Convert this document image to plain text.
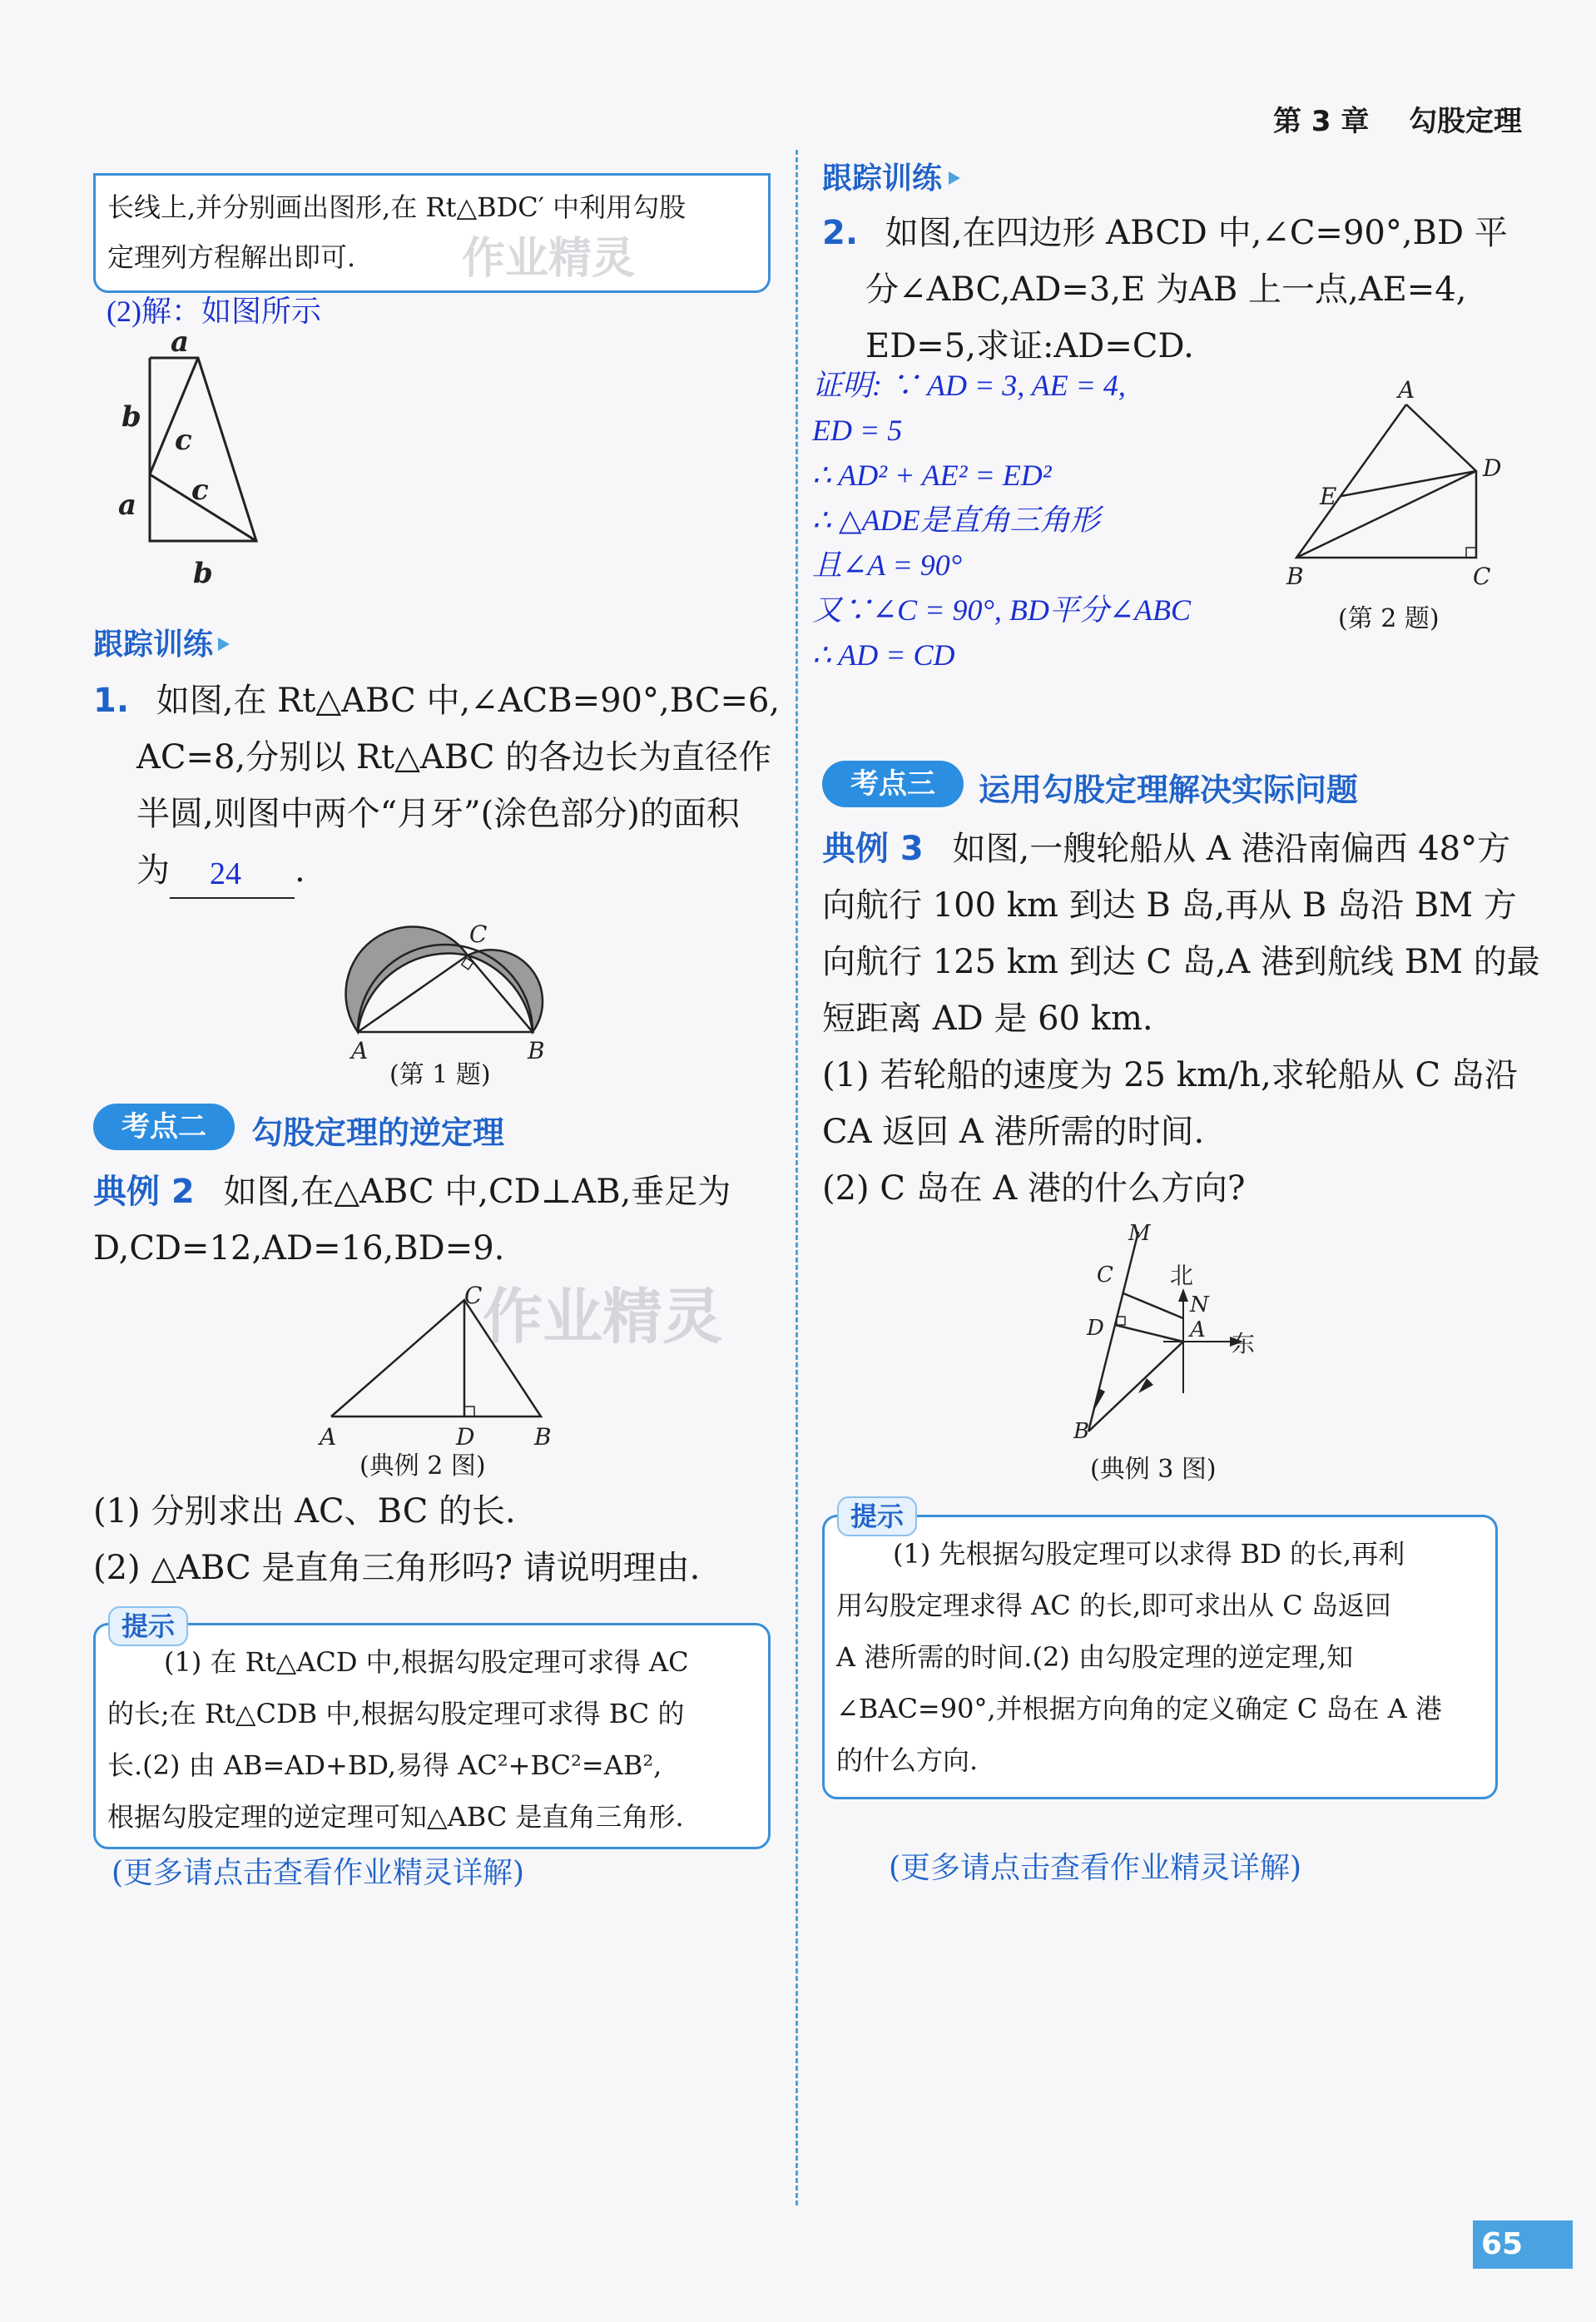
第 3 章 勾股定理
65
长线上,并分别画出图形,在 Rt△BDC′ 中利用勾股
定理列方程解出即可. 作业精灵
(2)解：如图所示
a
b
c
c
a
b
跟踪训练
1. 如图,在 Rt△ABC 中,∠ACB=90°,BC=6,
AC=8,分别以 Rt△ABC 的各边长为直径作
半圆,则图中两个“月牙”(涂色部分)的面积
为 24 .
C
A	B
(第 1 题)
考点二	勾股定理的逆定理
典例 2 如图,在△ABC 中,CD⊥AB,垂足为
D,CD=12,AD=16,BD=9.
作业精灵
C
A	D	B
(典例 2 图)
(1) 分别求出 AC、BC 的长.
(2) △ABC 是直角三角形吗? 请说明理由.
(1) 在 Rt△ACD 中,根据勾股定理可求得 AC
的长;在 Rt△CDB 中,根据勾股定理可求得 BC 的
长.(2) 由 AB=AD+BD,易得 AC²+BC²=AB²,
根据勾股定理的逆定理可知△ABC 是直角三角形.
提示
(更多请点击查看作业精灵详解)
跟踪训练
2. 如图,在四边形 ABCD 中,∠C=90°,BD 平
分∠ABC,AD=3,E 为AB 上一点,AE=4,
ED=5,求证:AD=CD.
证明: ∵ AD = 3, AE = 4,
ED = 5
∴ AD² + AE² = ED²
∴ △ADE是直角三角形
且∠A = 90°
又∵∠C = 90°, BD平分∠ABC
∴ AD = CD
A
D
E
B	C
(第 2 题)
考点三	运用勾股定理解决实际问题
典例 3 如图,一艘轮船从 A 港沿南偏西 48°方
向航行 100 km 到达 B 岛,再从 B 岛沿 BM 方
向航行 125 km 到达 C 岛,A 港到航线 BM 的最
短距离 AD 是 60 km.
(1) 若轮船的速度为 25 km/h,求轮船从 C 岛沿
CA 返回 A 港所需的时间.
(2) C 岛在 A 港的什么方向?
M
C 北
N
D	A 东
B
(典例 3 图)
(1) 先根据勾股定理可以求得 BD 的长,再利
用勾股定理求得 AC 的长,即可求出从 C 岛返回
A 港所需的时间.(2) 由勾股定理的逆定理,知
∠BAC=90°,并根据方向角的定义确定 C 岛在 A 港
的什么方向.
提示
(更多请点击查看作业精灵详解)
